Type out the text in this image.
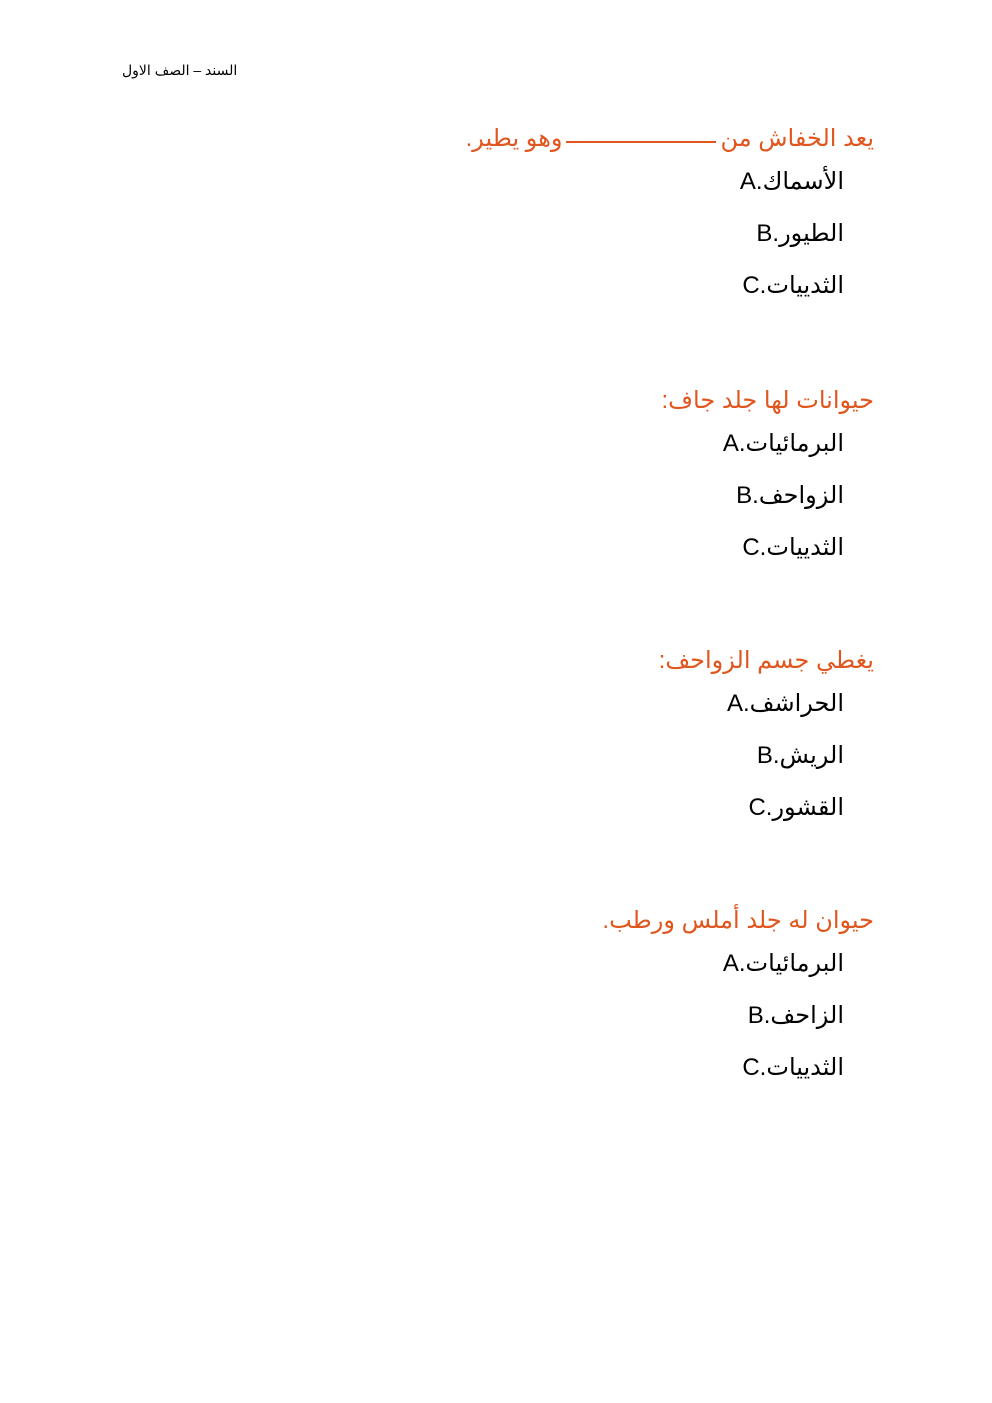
السند – الصف الاول
يعد الخفاش منوهو يطير.
الأسماكA.
الطيورB.
الثديياتC.
حيوانات لها جلد جاف:
البرمائياتA.
الزواحفB.
الثديياتC.
يغطي جسم الزواحف:
الحراشفA.
الريشB.
القشورC.
حيوان له جلد أملس ورطب.
البرمائياتA.
الزاحفB.
الثديياتC.
